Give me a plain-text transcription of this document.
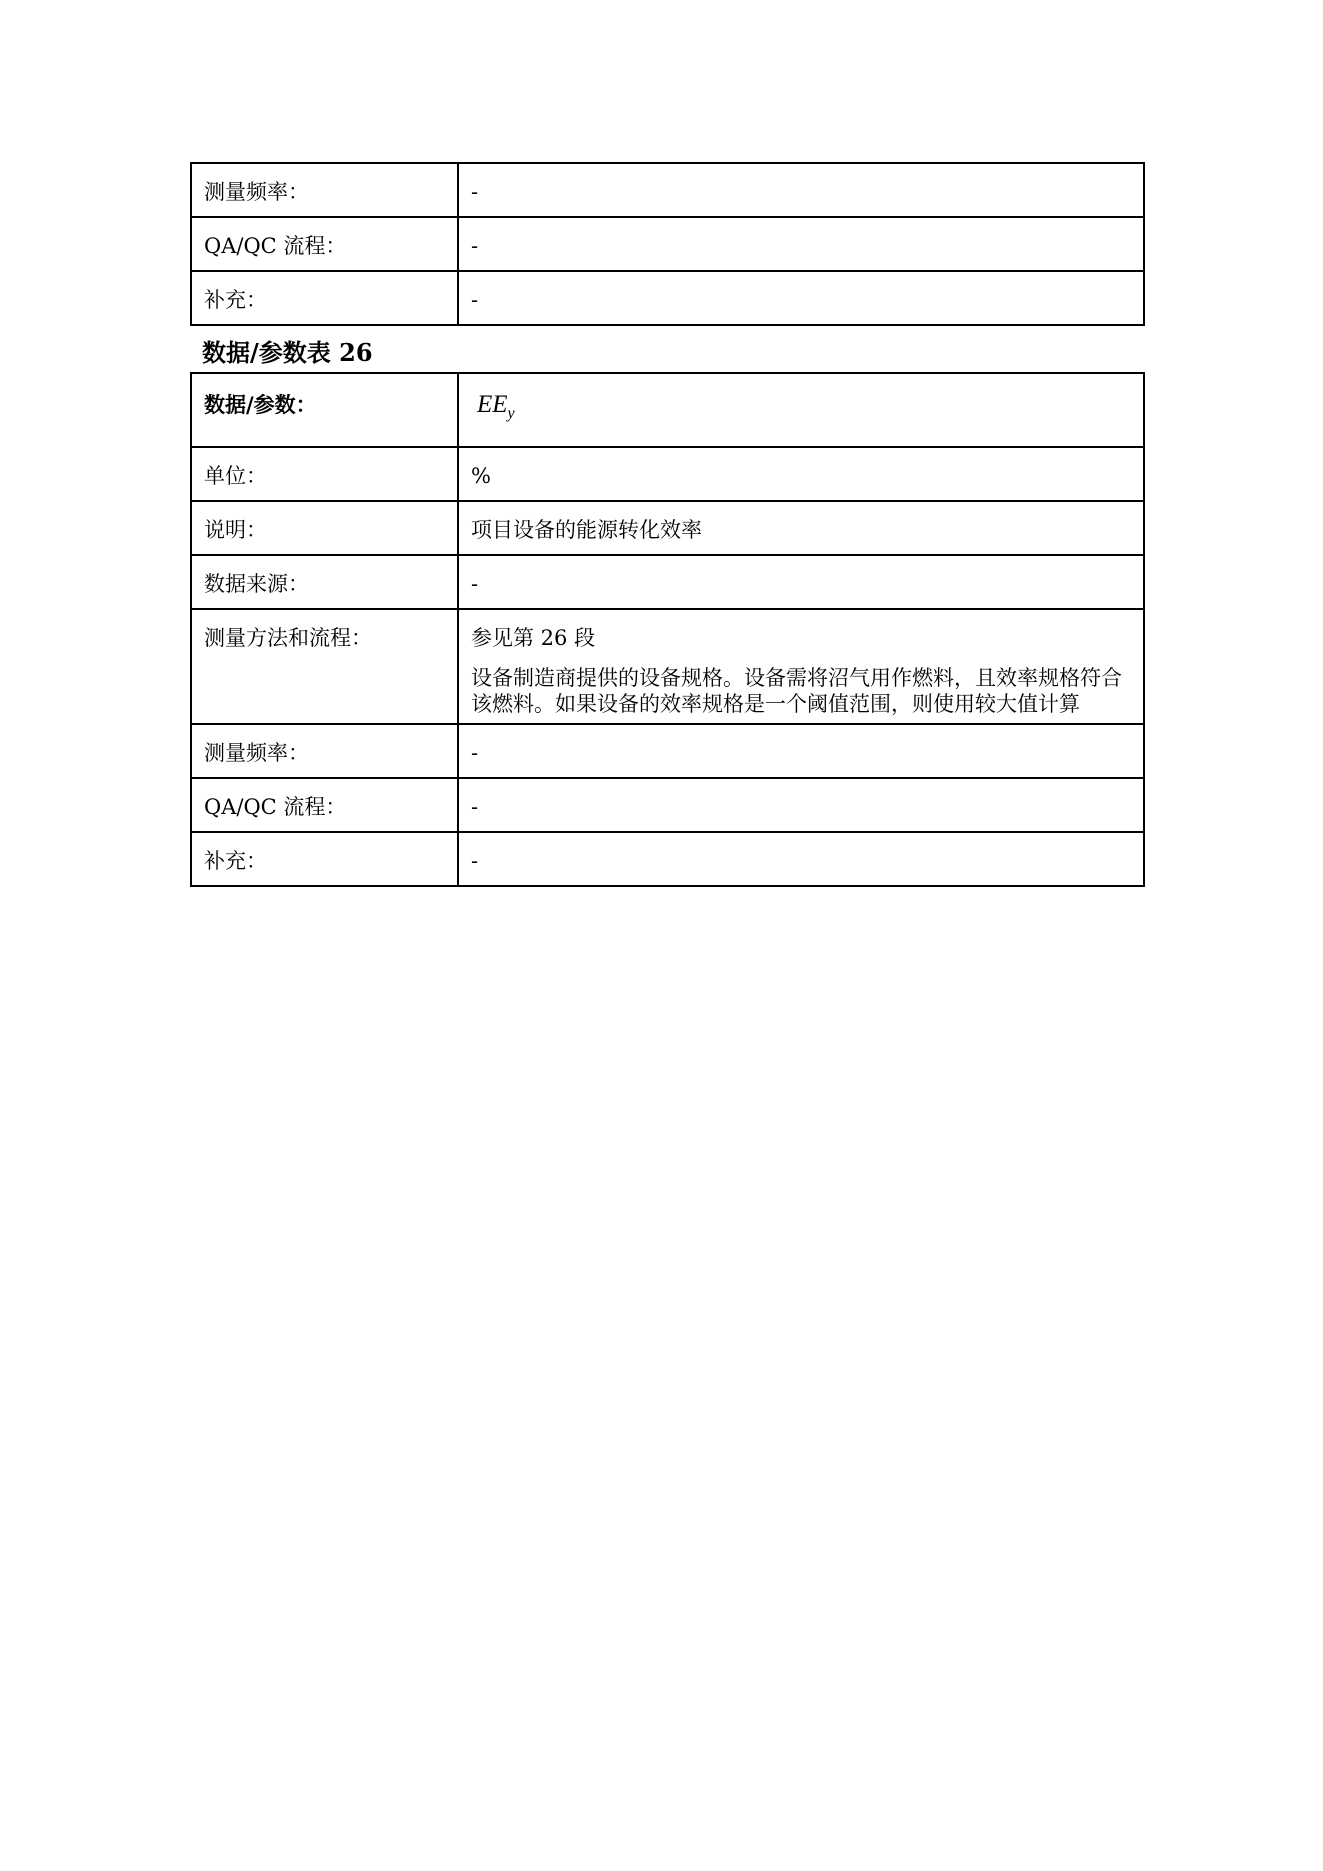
测量频率：	-
QA/QC 流程：	-
补充：	-
数据/参数表 26
数据/参数：	$EE_y$
单位：	%
说明：	项目设备的能源转化效率
数据来源：	-
测量方法和流程：	参见第 26 段

设备制造商提供的设备规格。设备需将沼气用作燃料，且效率规格符合该燃料。如果设备的效率规格是一个阈值范围，则使用较大值计算

测量频率：	-
QA/QC 流程：	-
补充：	-
